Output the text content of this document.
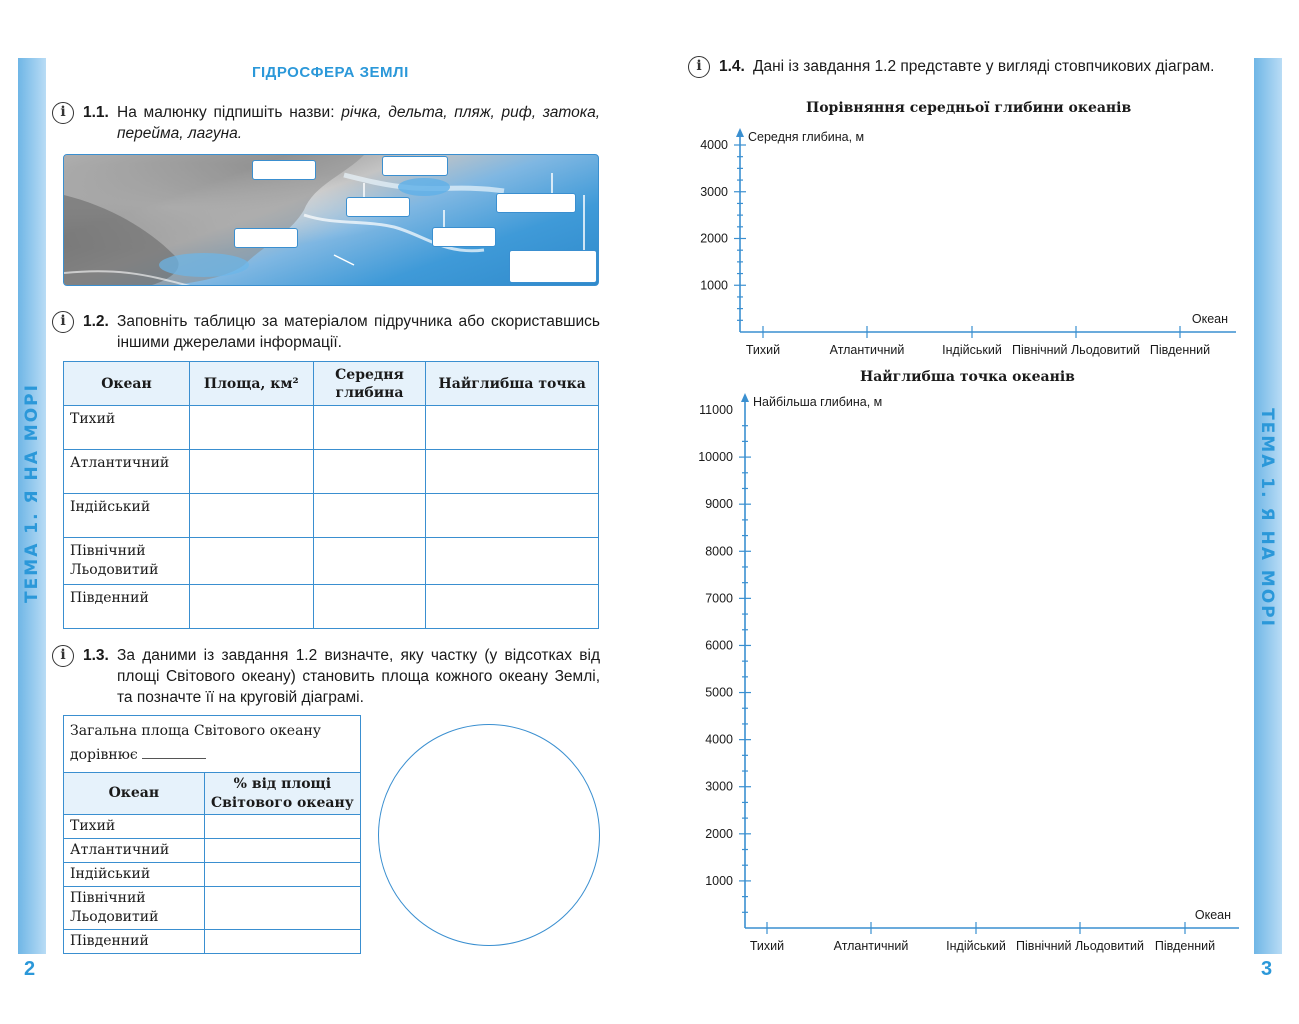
ТЕМА 1. Я НА МОРІ
2
ГІДРОСФЕРА ЗЕМЛІ
i	1.1. На малюнку підпишіть назви: річка, дельта, пляж, риф, затока, перейма, лагуна.
i	1.2. Заповніть таблицю за матеріалом підручника або скориставшись іншими джерелами інформації.
Океан	Площа, км²	Середня глибина	Найглибша точка
Тихий			
Атлантичний			
Індійський			
Північний Льодовитий			
Південний			
i	1.3. За даними із завдання 1.2 визначте, яку частку (у відсотках від площі Світового океану) становить площа кожного океану Землі, та позначте її на круговій діаграмі.
Загальна площа Світового океану дорівнює	
Океан	% від площі Світового океану
Тихий	
Атлантичний	
Індійський	
Північний Льодовитий	
Південний	
ТЕМА 1. Я НА МОРІ
3
i	1.4. Дані із завдання 1.2 представте у вигляді стовпчикових діаграм.
Порівняння середньої глибини океанів
1000
2000
3000
4000
Середня глибина, м
Океан
Тихий	Атлантичний	Індійський Північний Льодовитий Південний
Найглибша точка океанів
1000
2000
3000
4000
5000
6000
7000
8000
9000
10000
11000
Найбільша глибина, м
Океан
Тихий	Атлантичний	Індійський Північний Льодовитий Південний
